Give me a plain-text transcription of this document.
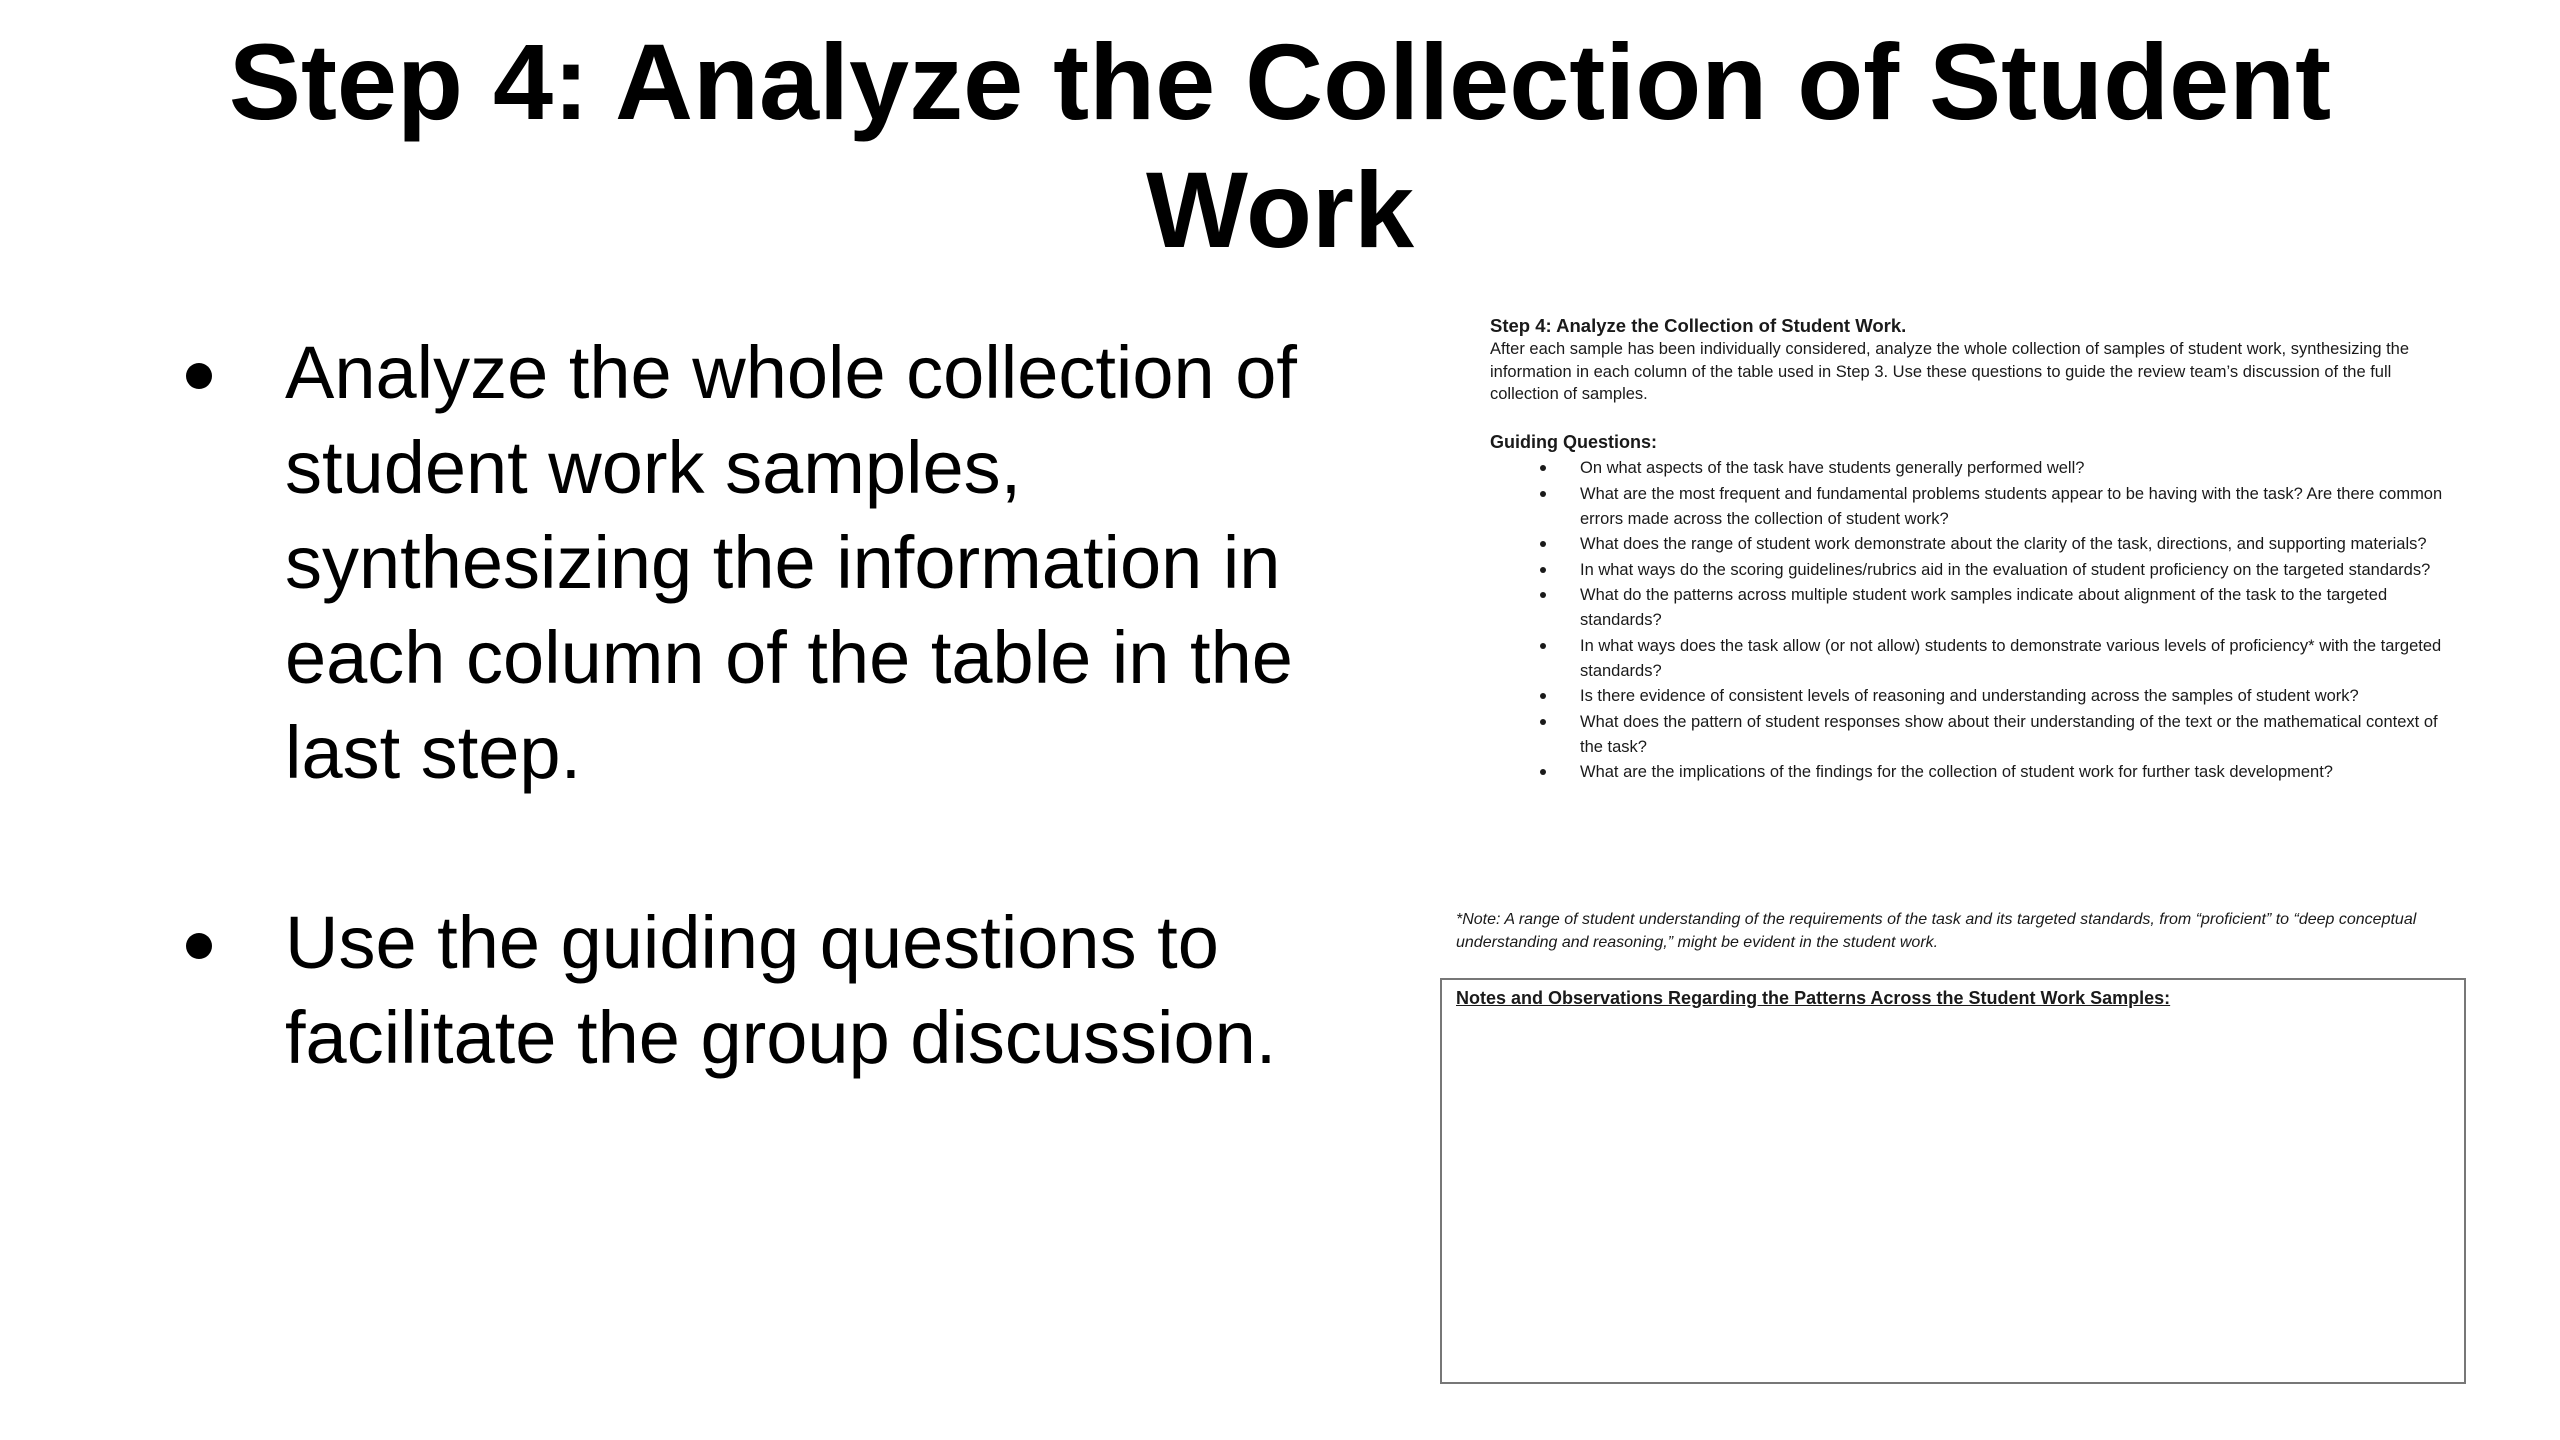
Step 4: Analyze the Collection of Student Work
Analyze the whole collection of student work samples, synthesizing the information in each column of the table in the last step.
Use the guiding questions to facilitate the group discussion.

Step 4: Analyze the Collection of Student Work.

After each sample has been individually considered, analyze the whole collection of samples of student work, synthesizing the information in each column of the table used in Step 3. Use these questions to guide the review team’s discussion of the full collection of samples.

Guiding Questions:

On what aspects of the task have students generally performed well?
What are the most frequent and fundamental problems students appear to be having with the task? Are there common errors made across the collection of student work?
What does the range of student work demonstrate about the clarity of the task, directions, and supporting materials?
In what ways do the scoring guidelines/rubrics aid in the evaluation of student proficiency on the targeted standards?
What do the patterns across multiple student work samples indicate about alignment of the task to the targeted standards?
In what ways does the task allow (or not allow) students to demonstrate various levels of proficiency* with the targeted standards?
Is there evidence of consistent levels of reasoning and understanding across the samples of student work?
What does the pattern of student responses show about their understanding of the text or the mathematical context of the task?
What are the implications of the findings for the collection of student work for further task development?

*Note: A range of student understanding of the requirements of the task and its targeted standards, from “proficient” to “deep conceptual understanding and reasoning,” might be evident in the student work.

Notes and Observations Regarding the Patterns Across the Student Work Samples:
